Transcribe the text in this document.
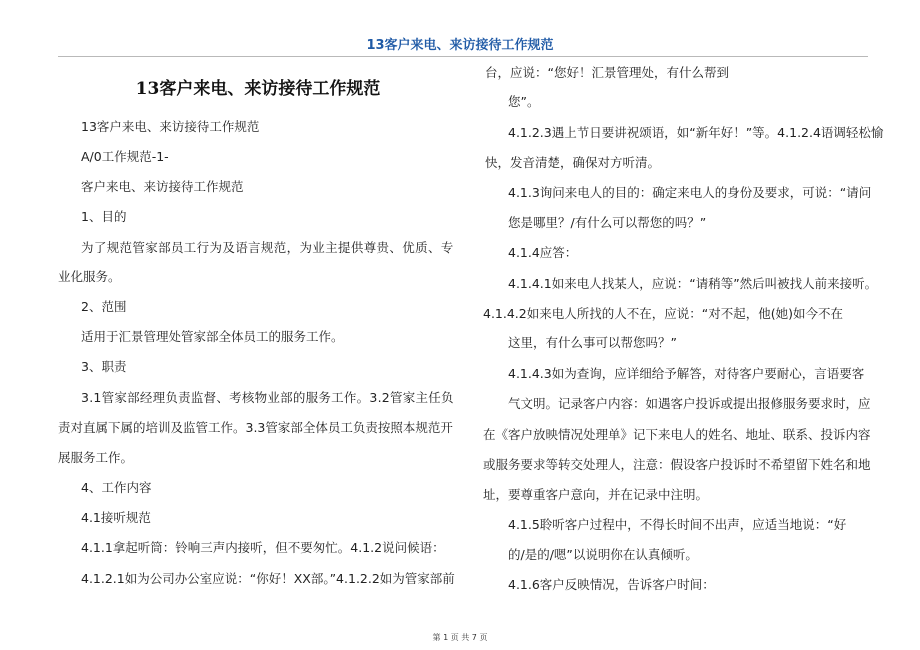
13客户来电、来访接待工作规范
13客户来电、来访接待工作规范
13客户来电、来访接待工作规范
A/0工作规范-1-
客户来电、来访接待工作规范
1、目的
为了规范管家部员工行为及语言规范，为业主提供尊贵、优质、专
业化服务。
2、范围
适用于汇景管理处管家部全体员工的服务工作。
3、职责
3.1管家部经理负责监督、考核物业部的服务工作。3.2管家主任负
责对直属下属的培训及监管工作。3.3管家部全体员工负责按照本规范开
展服务工作。
4、工作内容
4.1接听规范
4.1.1拿起听筒：铃响三声内接听，但不要匆忙。4.1.2说问候语：
4.1.2.1如为公司办公室应说：“你好！XX部。”4.1.2.2如为管家部前
台，应说：“您好！汇景管理处，有什么帮到
您”。
4.1.2.3遇上节日要讲祝颂语，如“新年好！”等。4.1.2.4语调轻松愉
快，发音清楚，确保对方听清。
4.1.3询问来电人的目的：确定来电人的身份及要求，可说：“请问
您是哪里？/有什么可以帮您的吗？”
4.1.4应答：
4.1.4.1如来电人找某人，应说：“请稍等”然后叫被找人前来接听。
4.1.4.2如来电人所找的人不在，应说：“对不起，他(她)如今不在
这里，有什么事可以帮您吗？”
4.1.4.3如为查询，应详细给予解答，对待客户要耐心，言语要客
气文明。记录客户内容：如遇客户投诉或提出报修服务要求时，应
在《客户放映情况处理单》记下来电人的姓名、地址、联系、投诉内容
或服务要求等转交处理人，注意：假设客户投诉时不希望留下姓名和地
址，要尊重客户意向，并在记录中注明。
4.1.5聆听客户过程中，不得长时间不出声，应适当地说：“好
的/是的/嗯”以说明你在认真倾听。
4.1.6客户反映情况，告诉客户时间：
第 1 页 共 7 页
